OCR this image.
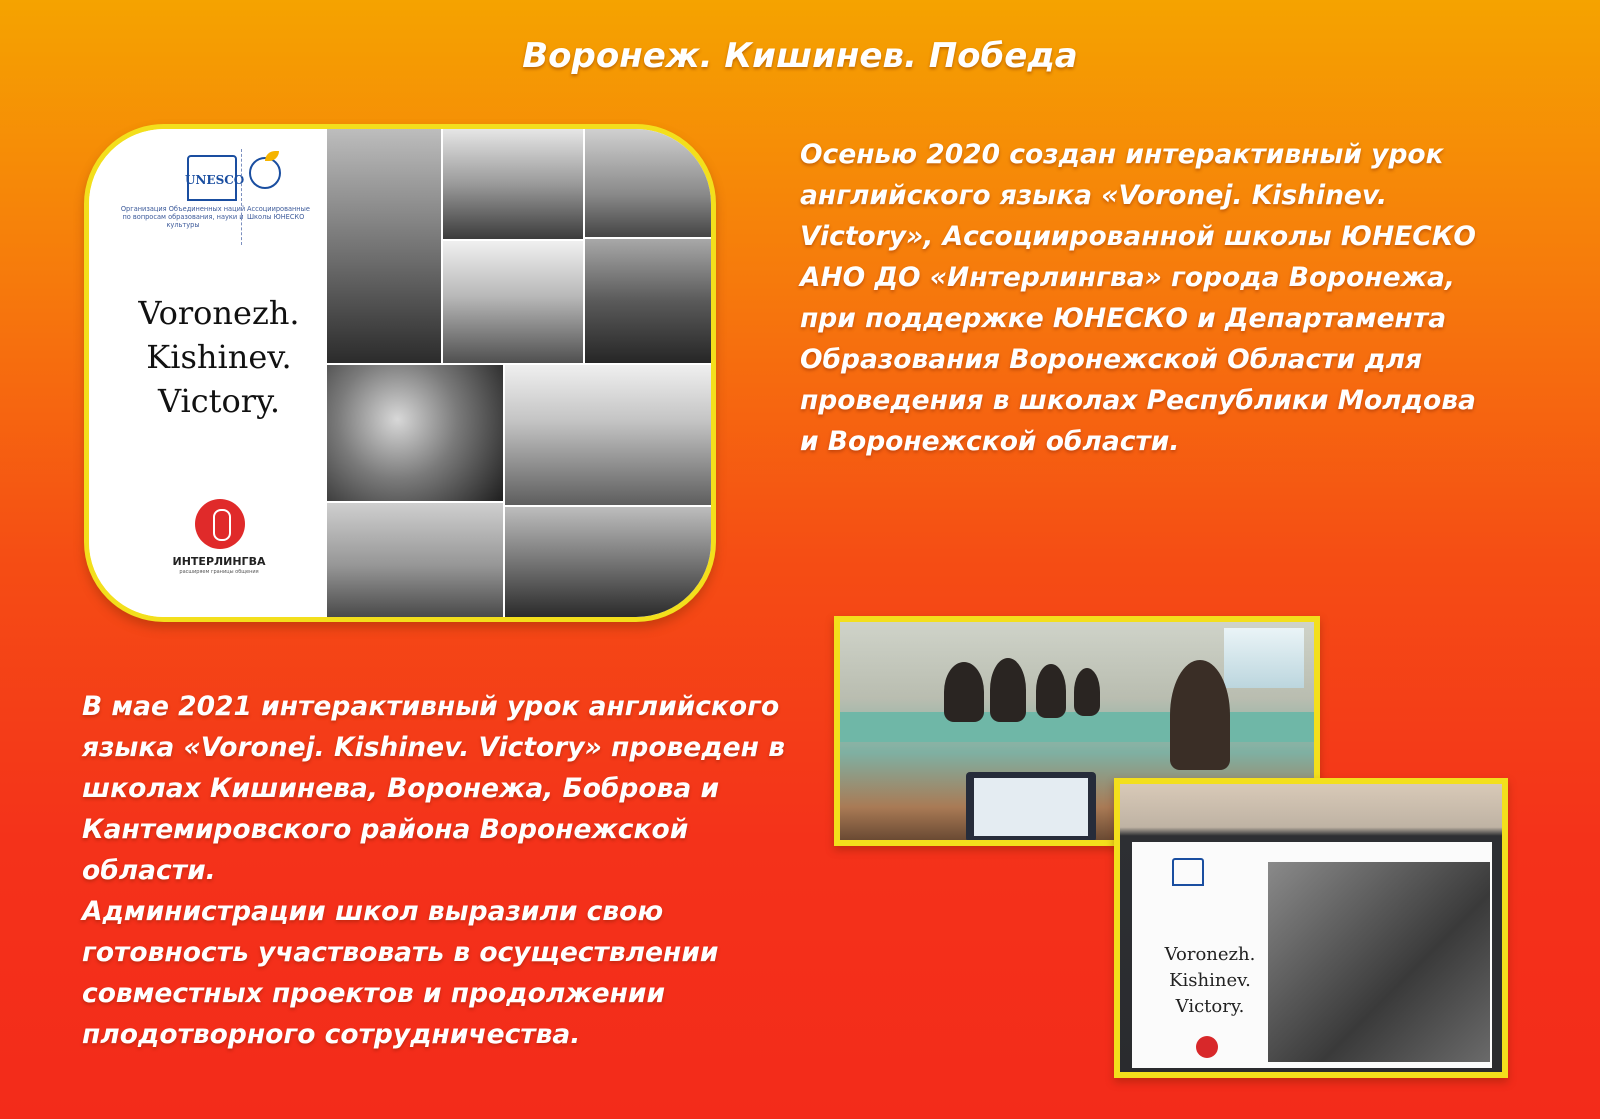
Воронеж. Кишинев. Победа
UNESCO
Организация Объединенных наций по вопросам образования, науки и культуры
Ассоциированные Школы ЮНЕСКО
Voronezh.
Kishinev.
Victory.
ИНТЕРЛИНГВА
расширяем границы общения

Осенью 2020 создан интерактивный урок английского языка «Voronej. Kishinev. Victory», Ассоциированной школы ЮНЕСКО АНО ДО «Интерлингва» города Воронежа, при поддержке ЮНЕСКО и Департамента Образования Воронежской Области для проведения в школах Республики Молдова и Воронежской области.

В мае 2021 интерактивный урок английского языка «Voronej. Kishinev. Victory» проведен в школах Кишинева, Воронежа, Боброва и Кантемировского района Воронежской области.
Администрации школ выразили свою готовность участвовать в осуществлении совместных проектов и продолжении плодотворного сотрудничества.

Voronezh.
Kishinev.
Victory.
